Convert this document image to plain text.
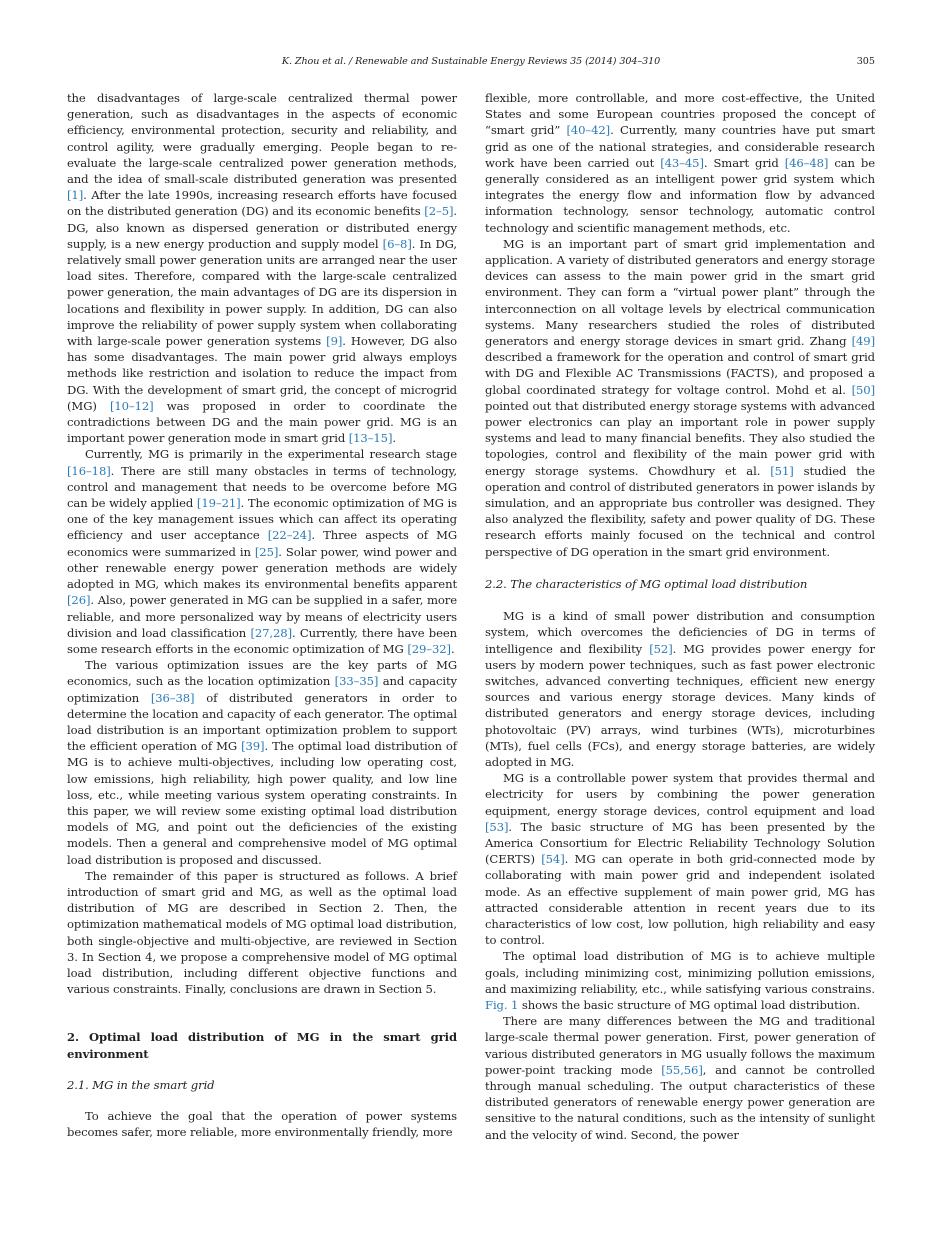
K. Zhou et al. / Renewable and Sustainable Energy Reviews 35 (2014) 304–310	305

the disadvantages of large-scale centralized thermal power generation, such as disadvantages in the aspects of economic efficiency, environmental protection, security and reliability, and control agility, were gradually emerging. People began to re-evaluate the large-scale centralized power generation methods, and the idea of small-scale distributed generation was presented [1]. After the late 1990s, increasing research efforts have focused on the distributed generation (DG) and its economic benefits [2–5]. DG, also known as dispersed generation or distributed energy supply, is a new energy production and supply model [6–8]. In DG, relatively small power generation units are arranged near the user load sites. Therefore, compared with the large-scale centralized power generation, the main advantages of DG are its dispersion in locations and flexibility in power supply. In addition, DG can also improve the reliability of power supply system when collaborating with large-scale power generation systems [9]. However, DG also has some disadvantages. The main power grid always employs methods like restriction and isolation to reduce the impact from DG. With the development of smart grid, the concept of microgrid (MG) [10–12] was proposed in order to coordinate the contradictions between DG and the main power grid. MG is an important power generation mode in smart grid [13–15].

Currently, MG is primarily in the experimental research stage [16–18]. There are still many obstacles in terms of technology, control and management that needs to be overcome before MG can be widely applied [19–21]. The economic optimization of MG is one of the key management issues which can affect its operating efficiency and user acceptance [22–24]. Three aspects of MG economics were summarized in [25]. Solar power, wind power and other renewable energy power generation methods are widely adopted in MG, which makes its environmental benefits apparent [26]. Also, power generated in MG can be supplied in a safer, more reliable, and more personalized way by means of electricity users division and load classification [27,28]. Currently, there have been some research efforts in the economic optimization of MG [29–32].

The various optimization issues are the key parts of MG economics, such as the location optimization [33–35] and capacity optimization [36–38] of distributed generators in order to determine the location and capacity of each generator. The optimal load distribution is an important optimization problem to support the efficient operation of MG [39]. The optimal load distribution of MG is to achieve multi-objectives, including low operating cost, low emissions, high reliability, high power quality, and low line loss, etc., while meeting various system operating constraints. In this paper, we will review some existing optimal load distribution models of MG, and point out the deficiencies of the existing models. Then a general and comprehensive model of MG optimal load distribution is proposed and discussed.

The remainder of this paper is structured as follows. A brief introduction of smart grid and MG, as well as the optimal load distribution of MG are described in Section 2. Then, the optimization mathematical models of MG optimal load distribution, both single-objective and multi-objective, are reviewed in Section 3. In Section 4, we propose a comprehensive model of MG optimal load distribution, including different objective functions and various constraints. Finally, conclusions are drawn in Section 5.

2. Optimal load distribution of MG in the smart grid environment
2.1. MG in the smart grid

To achieve the goal that the operation of power systems becomes safer, more reliable, more environmentally friendly, more

flexible, more controllable, and more cost-effective, the United States and some European countries proposed the concept of “smart grid” [40–42]. Currently, many countries have put smart grid as one of the national strategies, and considerable research work have been carried out [43–45]. Smart grid [46–48] can be generally considered as an intelligent power grid system which integrates the energy flow and information flow by advanced information technology, sensor technology, automatic control technology and scientific management methods, etc.

MG is an important part of smart grid implementation and application. A variety of distributed generators and energy storage devices can assess to the main power grid in the smart grid environment. They can form a “virtual power plant” through the interconnection on all voltage levels by electrical communication systems. Many researchers studied the roles of distributed generators and energy storage devices in smart grid. Zhang [49] described a framework for the operation and control of smart grid with DG and Flexible AC Transmissions (FACTS), and proposed a global coordinated strategy for voltage control. Mohd et al. [50] pointed out that distributed energy storage systems with advanced power electronics can play an important role in power supply systems and lead to many financial benefits. They also studied the topologies, control and flexibility of the main power grid with energy storage systems. Chowdhury et al. [51] studied the operation and control of distributed generators in power islands by simulation, and an appropriate bus controller was designed. They also analyzed the flexibility, safety and power quality of DG. These research efforts mainly focused on the technical and control perspective of DG operation in the smart grid environment.

2.2. The characteristics of MG optimal load distribution

MG is a kind of small power distribution and consumption system, which overcomes the deficiencies of DG in terms of intelligence and flexibility [52]. MG provides power energy for users by modern power techniques, such as fast power electronic switches, advanced converting techniques, efficient new energy sources and various energy storage devices. Many kinds of distributed generators and energy storage devices, including photovoltaic (PV) arrays, wind turbines (WTs), microturbines (MTs), fuel cells (FCs), and energy storage batteries, are widely adopted in MG.

MG is a controllable power system that provides thermal and electricity for users by combining the power generation equipment, energy storage devices, control equipment and load [53]. The basic structure of MG has been presented by the America Consortium for Electric Reliability Technology Solution (CERTS) [54]. MG can operate in both grid-connected mode by collaborating with main power grid and independent isolated mode. As an effective supplement of main power grid, MG has attracted considerable attention in recent years due to its characteristics of low cost, low pollution, high reliability and easy to control.

The optimal load distribution of MG is to achieve multiple goals, including minimizing cost, minimizing pollution emissions, and maximizing reliability, etc., while satisfying various constrains. Fig. 1 shows the basic structure of MG optimal load distribution.

There are many differences between the MG and traditional large-scale thermal power generation. First, power generation of various distributed generators in MG usually follows the maximum power-point tracking mode [55,56], and cannot be controlled through manual scheduling. The output characteristics of these distributed generators of renewable energy power generation are sensitive to the natural conditions, such as the intensity of sunlight and the velocity of wind. Second, the power
